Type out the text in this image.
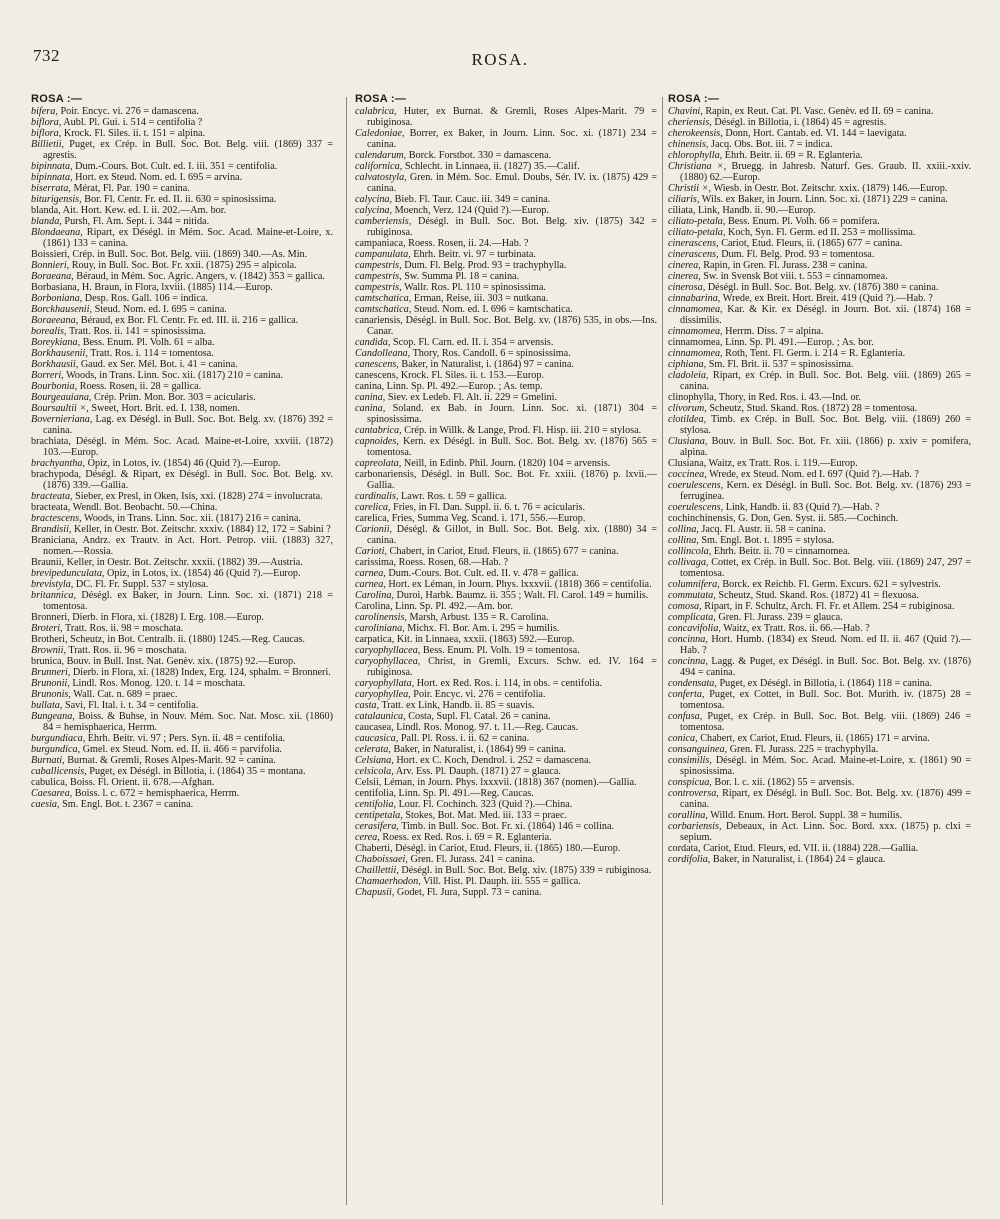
732	ROSA.
ROSA :—
bifera, Poir. Encyc. vi. 276 = damascena.
biflora, Aubl. Pl. Gui. i. 514 = centifolia ?
biflora, Krock. Fl. Siles. ii. t. 151 = alpina.
Billietii, Puget, ex Crép. in Bull. Soc. Bot. Belg. viii. (1869) 337 = agrestis.
bipinnata, Dum.-Cours. Bot. Cult. ed. I. iii. 351 = centifolia.
bipinnata, Hort. ex Steud. Nom. ed. I. 695 = arvina.
biserrata, Mérat, Fl. Par. 190 = canina.
biturigensis, Bor. Fl. Centr. Fr. ed. II. ii. 630 = spinosissima.
blanda, Ait. Hort. Kew. ed. I. ii. 202.—Am. bor.
blanda, Pursh, Fl. Am. Sept. i. 344 = nitida.
Blondaeana, Ripart, ex Déségl. in Mém. Soc. Acad. Maine-et-Loire, x. (1861) 133 = canina.
Boissieri, Crép. in Bull. Soc. Bot. Belg. viii. (1869) 340.—As. Min.
Bonnieri, Rouy, in Bull. Soc. Bot. Fr. xxii. (1875) 295 = alpicola.
Boraeana, Béraud, in Mém. Soc. Agric. Angers, v. (1842) 353 = gallica.
Borbasiana, H. Braun, in Flora, lxviii. (1885) 114.—Europ.
Borboniana, Desp. Ros. Gall. 106 = indica.
Borckhausenii, Steud. Nom. ed. I. 695 = canina.
Boraeeana, Béraud, ex Bor. Fl. Centr. Fr. ed. III. ii. 216 = gallica.
borealis, Tratt. Ros. ii. 141 = spinosissima.
Boreykiana, Bess. Enum. Pl. Volh. 61 = alba.
Borkhausenii, Tratt. Ros. i. 114 = tomentosa.
Borkhausii, Gaud. ex Ser. Mél. Bot. i. 41 = canina.
Borreri, Woods, in Trans. Linn. Soc. xii. (1817) 210 = canina.
Bourbonia, Roess. Rosen, ii. 28 = gallica.
Bourgeauiana, Crép. Prim. Mon. Bor. 303 = acicularis.
Boursaultii ×, Sweet, Hort. Brit. ed. I. 138, nomen.
Bovernieriana, Lag. ex Déségl. in Bull. Soc. Bot. Belg. xv. (1876) 392 = canina.
brachiata, Déségl. in Mém. Soc. Acad. Maine-et-Loire, xxviii. (1872) 103.—Europ.
brachyantha, Opiz, in Lotos, iv. (1854) 46 (Quid ?).—Europ.
brachypoda, Déségl. & Ripart, ex Déségl. in Bull. Soc. Bot. Belg. xv. (1876) 339.—Gallia.
bracteata, Sieber, ex Presl, in Oken, Isis, xxi. (1828) 274 = involucrata.
bracteata, Wendl. Bot. Beobacht. 50.—China.
bractescens, Woods, in Trans. Linn. Soc. xii. (1817) 216 = canina.
Brandisii, Keller, in Oestr. Bot. Zeitschr. xxxiv. (1884) 12, 172 = Sabini ?
Braniciana, Andrz. ex Trautv. in Act. Hort. Petrop. viii. (1883) 327, nomen.—Rossia.
Braunii, Keller, in Oestr. Bot. Zeitschr. xxxii. (1882) 39.—Austria.
brevipedunculata, Opiz, in Lotos, ix. (1854) 46 (Quid ?).—Europ.
brevistyla, DC. Fl. Fr. Suppl. 537 = stylosa.
britannica, Déségl. ex Baker, in Journ. Linn. Soc. xi. (1871) 218 = tomentosa.
Bronneri, Dierb. in Flora, xi. (1828) I. Erg. 108.—Europ.
Broteri, Tratt. Ros. ii. 98 = moschata.
Brotheri, Scheutz, in Bot. Centralb. ii. (1880) 1245.—Reg. Caucas.
Brownii, Tratt. Ros. ii. 96 = moschata.
brunica, Bouv. in Bull. Inst. Nat. Genèv. xix. (1875) 92.—Europ.
Brunneri, Dierb. in Flora, xi. (1828) Index, Erg. 124, sphalm. = Bronneri.
Brunonii, Lindl. Ros. Monog. 120. t. 14 = moschata.
Brunonis, Wall. Cat. n. 689 = praec.
bullata, Savi, Fl. Ital. i. t. 34 = centifolia.
Bungeana, Boiss. & Buhse, in Nouv. Mém. Soc. Nat. Mosc. xii. (1860) 84 = hemisphaerica, Herrm.
burgundiaca, Ehrh. Beitr. vi. 97 ; Pers. Syn. ii. 48 = centifolia.
burgundica, Gmel. ex Steud. Nom. ed. II. ii. 466 = parvifolia.
Burnati, Burnat. & Gremli, Roses Alpes-Marit. 92 = canina.
caballicensis, Puget, ex Déségl. in Billotia, i. (1864) 35 = montana.
cabulica, Boiss. Fl. Orient. ii. 678.—Afghan.
Caesarea, Boiss. l. c. 672 = hemisphaerica, Herrm.
caesia, Sm. Engl. Bot. t. 2367 = canina.
ROSA :—
calabrica, Huter, ex Burnat. & Gremli, Roses Alpes-Marit. 79 = rubiginosa.
Caledoniae, Borrer, ex Baker, in Journ. Linn. Soc. xi. (1871) 234 = canina.
calendarum, Borck. Forstbot. 330 = damascena.
californica, Schlecht. in Linnaea, ii. (1827) 35.—Calif.
calvatostyla, Gren. in Mém. Soc. Emul. Doubs, Sér. IV. ix. (1875) 429 = canina.
calycina, Bieb. Fl. Taur. Cauc. iii. 349 = canina.
calycina, Moench, Verz. 124 (Quid ?).—Europ.
camberiensis, Déségl. in Bull. Soc. Bot. Belg. xiv. (1875) 342 = rubiginosa.
campaniaca, Roess. Rosen, ii. 24.—Hab. ?
campanulata, Ehrh. Beitr. vi. 97 = turbinata.
campestris, Dum. Fl. Belg. Prod. 93 = trachyphylla.
campestris, Sw. Summa Pl. 18 = canina.
campestris, Wallr. Ros. Pl. 110 = spinosissima.
camtschatica, Erman, Reise, iii. 303 = nutkana.
camtschatica, Steud. Nom. ed. I. 696 = kamtschatica.
canariensis, Déségl. in Bull. Soc. Bot. Belg. xv. (1876) 535, in obs.—Ins. Canar.
candida, Scop. Fl. Carn. ed. II. i. 354 = arvensis.
Candolleana, Thory, Ros. Candoll. 6 = spinosissima.
canescens, Baker, in Naturalist, i. (1864) 97 = canina.
canescens, Krock. Fl. Siles. ii. t. 153.—Europ.
canina, Linn. Sp. Pl. 492.—Europ. ; As. temp.
canina, Siev. ex Ledeb. Fl. Alt. ii. 229 = Gmelini.
canina, Soland. ex Bab. in Journ. Linn. Soc. xi. (1871) 304 = spinosissima.
cantabrica, Crép. in Willk. & Lange, Prod. Fl. Hisp. iii. 210 = stylosa.
capnoides, Kern. ex Déségl. in Bull. Soc. Bot. Belg. xv. (1876) 565 = tomentosa.
capreolata, Neill, in Edinb. Phil. Journ. (1820) 104 = arvensis.
carbonariensis, Déségl. in Bull. Soc. Bot. Fr. xxiii. (1876) p. lxvii.—Gallia.
cardinalis, Lawr. Ros. t. 59 = gallica.
carelica, Fries, in Fl. Dan. Suppl. ii. 6. t. 76 = acicularis.
carelica, Fries, Summa Veg. Scand. i. 171, 556.—Europ.
Carionii, Déségl. & Gillot, in Bull. Soc. Bot. Belg. xix. (1880) 34 = canina.
Carioti, Chabert, in Cariot, Etud. Fleurs, ii. (1865) 677 = canina.
carissima, Roess. Rosen, 68.—Hab. ?
carnea, Dum.-Cours. Bot. Cult. ed. II. v. 478 = gallica.
carnea, Hort. ex Léman, in Journ. Phys. lxxxvii. (1818) 366 = centifolia.
Carolina, Duroi, Harbk. Baumz. ii. 355 ; Walt. Fl. Carol. 149 = humilis.
Carolina, Linn. Sp. Pl. 492.—Am. bor.
carolinensis, Marsh, Arbust. 135 = R. Carolina.
caroliniana, Michx. Fl. Bor. Am. i. 295 = humilis.
carpatica, Kit. in Linnaea, xxxii. (1863) 592.—Europ.
caryophyllacea, Bess. Enum. Pl. Volh. 19 = tomentosa.
caryophyllacea, Christ, in Gremli, Excurs. Schw. ed. IV. 164 = rubiginosa.
caryophyllata, Hort. ex Red. Ros. i. 114, in obs. = centifolia.
caryophyllea, Poir. Encyc. vi. 276 = centifolia.
casta, Tratt. ex Link, Handb. ii. 85 = suavis.
catalaunica, Costa, Supl. Fl. Catal. 26 = canina.
caucasea, Lindl. Ros. Monog. 97. t. 11.—Reg. Caucas.
caucasica, Pall. Pl. Ross. i. ii. 62 = canina.
celerata, Baker, in Naturalist, i. (1864) 99 = canina.
Celsiana, Hort. ex C. Koch, Dendrol. i. 252 = damascena.
celsicola, Arv. Ess. Pl. Dauph. (1871) 27 = glauca.
Celsii, Léman, in Journ. Phys. lxxxvii. (1818) 367 (nomen).—Gallia.
centifolia, Linn. Sp. Pl. 491.—Reg. Caucas.
centifolia, Lour. Fl. Cochinch. 323 (Quid ?).—China.
centipetala, Stokes, Bot. Mat. Med. iii. 133 = praec.
cerasifera, Timb. in Bull. Soc. Bot. Fr. xi. (1864) 146 = collina.
cerea, Roess. ex Red. Ros. i. 69 = R. Eglanteria.
Chaberti, Déségl. in Cariot, Etud. Fleurs, ii. (1865) 180.—Europ.
Chaboissaei, Gren. Fl. Jurass. 241 = canina.
Chaillettii, Déségl. in Bull. Soc. Bot. Belg. xiv. (1875) 339 = rubiginosa.
Chamaerhodon, Vill. Hist. Pl. Dauph. iii. 555 = gallica.
Chapusii, Godet, Fl. Jura, Suppl. 73 = canina.
ROSA :—
Chavini, Rapin, ex Reut. Cat. Pl. Vasc. Genèv. ed II. 69 = canina.
cheriensis, Déségl. in Billotia, i. (1864) 45 = agrestis.
cherokeensis, Donn, Hort. Cantab. ed. VI. 144 = laevigata.
chinensis, Jacq. Obs. Bot. iii. 7 = indica.
chlorophylla, Ehrh. Beitr. ii. 69 = R. Eglanteria.
Christiana ×, Bruegg. in Jahresb. Naturf. Ges. Graub. II. xxiii.-xxiv. (1880) 62.—Europ.
Christii ×, Wiesb. in Oestr. Bot. Zeitschr. xxix. (1879) 146.—Europ.
ciliaris, Wils. ex Baker, in Journ. Linn. Soc. xi. (1871) 229 = canina.
ciliata, Link, Handb. ii. 90.—Europ.
ciliato-petala, Bess. Enum. Pl. Volh. 66 = pomifera.
ciliato-petala, Koch, Syn. Fl. Germ. ed II. 253 = mollissima.
cinerascens, Cariot, Etud. Fleurs, ii. (1865) 677 = canina.
cinerascens, Dum. Fl. Belg. Prod. 93 = tomentosa.
cinerea, Rapin, in Gren. Fl. Jurass. 238 = canina.
cinerea, Sw. in Svensk Bot viii. t. 553 = cinnamomea.
cinerosa, Déségl. in Bull. Soc. Bot. Belg. xv. (1876) 380 = canina.
cinnabarina, Wrede, ex Breit. Hort. Breit. 419 (Quid ?).—Hab. ?
cinnamomea, Kar. & Kir. ex Déségl. in Journ. Bot. xii. (1874) 168 = dissimilis.
cinnamomea, Herrm. Diss. 7 = alpina.
cinnamomea, Linn. Sp. Pl. 491.—Europ. ; As. bor.
cinnamomea, Roth, Tent. Fl. Germ. i. 214 = R. Eglanteria.
ciphiana, Sm. Fl. Brit. ii. 537 = spinosissima.
cladoleia, Ripart, ex Crép. in Bull. Soc. Bot. Belg. viii. (1869) 265 = canina.
clinophylla, Thory, in Red. Ros. i. 43.—Ind. or.
clivorum, Scheutz, Stud. Skand. Ros. (1872) 28 = tomentosa.
clotildea, Timb. ex Crép. in Bull. Soc. Bot. Belg. viii. (1869) 260 = stylosa.
Clusiana, Bouv. in Bull. Soc. Bot. Fr. xiii. (1866) p. xxiv = pomifera, alpina.
Clusiana, Waitz, ex Tratt. Ros. i. 119.—Europ.
coccinea, Wrede, ex Steud. Nom. ed I. 697 (Quid ?).—Hab. ?
coerulescens, Kern. ex Déségl. in Bull. Soc. Bot. Belg. xv. (1876) 293 = ferruginea.
coerulescens, Link, Handb. ii. 83 (Quid ?).—Hab. ?
cochinchinensis, G. Don, Gen. Syst. ii. 585.—Cochinch.
collina, Jacq. Fl. Austr. ii. 58 = canina.
collina, Sm. Engl. Bot. t. 1895 = stylosa.
collincola, Ehrh. Beitr. ii. 70 = cinnamomea.
collivaga, Cottet, ex Crép. in Bull. Soc. Bot. Belg. viii. (1869) 247, 297 = tomentosa.
columnifera, Borck. ex Reichb. Fl. Germ. Excurs. 621 = sylvestris.
commutata, Scheutz, Stud. Skand. Ros. (1872) 41 = flexuosa.
comosa, Ripart, in F. Schultz, Arch. Fl. Fr. et Allem. 254 = rubiginosa.
complicata, Gren. Fl. Jurass. 239 = glauca.
concavifolia, Waitz, ex Tratt. Ros. ii. 66.—Hab. ?
concinna, Hort. Humb. (1834) ex Steud. Nom. ed II. ii. 467 (Quid ?).—Hab. ?
concinna, Lagg. & Puget, ex Déségl. in Bull. Soc. Bot. Belg. xv. (1876) 494 = canina.
condensata, Puget, ex Déségl. in Billotia, i. (1864) 118 = canina.
conferta, Puget, ex Cottet, in Bull. Soc. Bot. Murith. iv. (1875) 28 = tomentosa.
confusa, Puget, ex Crép. in Bull. Soc. Bot. Belg. viii. (1869) 246 = tomentosa.
conica, Chabert, ex Cariot, Etud. Fleurs, ii. (1865) 171 = arvina.
consanguinea, Gren. Fl. Jurass. 225 = trachyphylla.
consimilis, Déségl. in Mém. Soc. Acad. Maine-et-Loire, x. (1861) 90 = spinosissima.
conspicua, Bor. l. c. xii. (1862) 55 = arvensis.
controversa, Ripart, ex Déségl. in Bull. Soc. Bot. Belg. xv. (1876) 499 = canina.
corallina, Willd. Enum. Hort. Berol. Suppl. 38 = humilis.
corbariensis, Debeaux, in Act. Linn. Soc. Bord. xxx. (1875) p. clxi = sepium.
cordata, Cariot, Etud. Fleurs, ed. VII. ii. (1884) 228.—Gallia.
cordifolia, Baker, in Naturalist, i. (1864) 24 = glauca.
